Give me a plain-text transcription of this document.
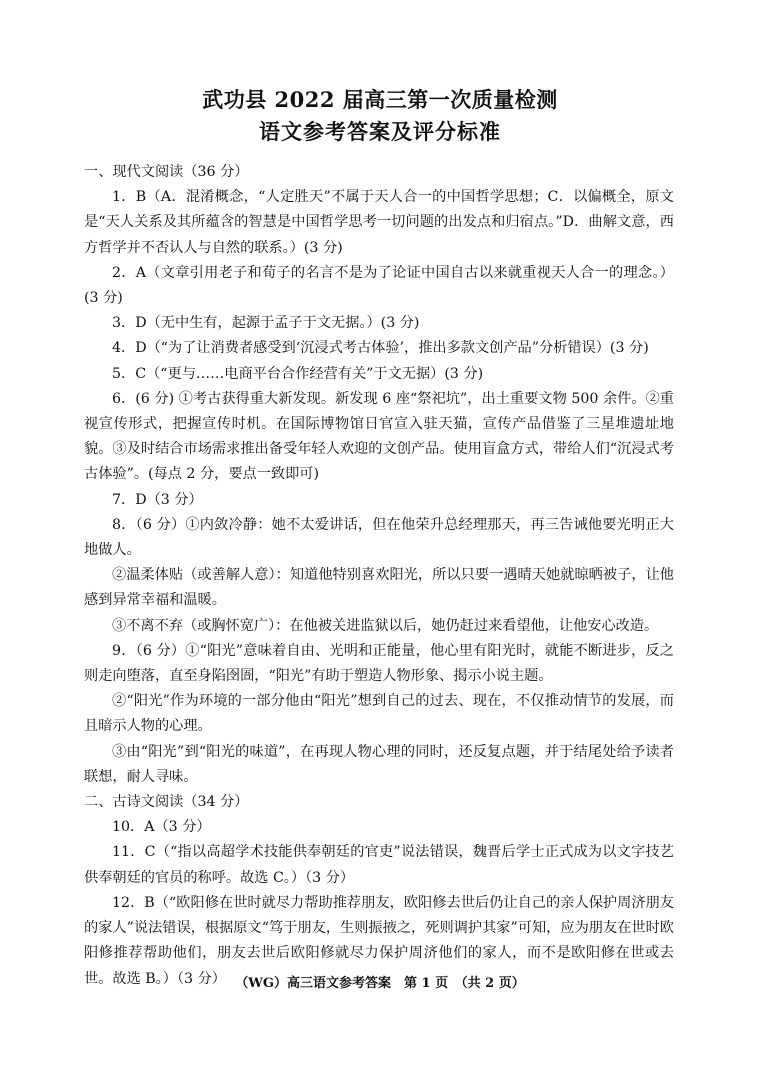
武功县 2022 届高三第一次质量检测
语文参考答案及评分标准

一、现代文阅读（36 分）

1．B（A．混淆概念，“人定胜天”不属于天人合一的中国哲学思想；C．以偏概全，原文是“天人关系及其所蕴含的智慧是中国哲学思考一切问题的出发点和归宿点。”D．曲解文意，西方哲学并不否认人与自然的联系。）(3 分)

2．A（文章引用老子和荀子的名言不是为了论证中国自古以来就重视天人合一的理念。）(3 分)

3．D（无中生有，起源于孟子于文无据。）(3 分)

4．D（“为了让消费者感受到‘沉浸式考古体验’，推出多款文创产品”分析错误）(3 分)

5．C（“更与……电商平台合作经营有关”于文无据）(3 分)

6．(6 分) ①考古获得重大新发现。新发现 6 座“祭祀坑”，出土重要文物 500 余件。②重视宣传形式，把握宣传时机。在国际博物馆日官宣入驻天猫，宣传产品借鉴了三星堆遗址地貌。③及时结合市场需求推出备受年轻人欢迎的文创产品。使用盲盒方式，带给人们“沉浸式考古体验”。(每点 2 分，要点一致即可)

7．D（3 分）

8．（6 分）①内敛冷静：她不太爱讲话，但在他荣升总经理那天，再三告诫他要光明正大地做人。

②温柔体贴（或善解人意）：知道他特别喜欢阳光，所以只要一遇晴天她就晾晒被子，让他感到异常幸福和温暖。

③不离不弃（或胸怀宽广）：在他被关进监狱以后，她仍赶过来看望他，让他安心改造。

9．（6 分）①“阳光”意味着自由、光明和正能量，他心里有阳光时，就能不断进步，反之则走向堕落，直至身陷囹圄，“阳光”有助于塑造人物形象、揭示小说主题。

②“阳光”作为环境的一部分他由“阳光”想到自己的过去、现在，不仅推动情节的发展，而且暗示人物的心理。

③由“阳光”到“阳光的味道”，在再现人物心理的同时，还反复点题，并于结尾处给予读者联想，耐人寻味。

二、古诗文阅读（34 分）

10．A（3 分）

11．C（“指以高超学术技能供奉朝廷的官吏”说法错误，魏晋后学士正式成为以文字技艺供奉朝廷的官员的称呼。故选 C。）（3 分）

12．B（“欧阳修在世时就尽力帮助推荐朋友，欧阳修去世后仍让自己的亲人保护周济朋友的家人”说法错误，根据原文“笃于朋友，生则振掖之，死则调护其家”可知，应为朋友在世时欧阳修推荐帮助他们，朋友去世后欧阳修就尽力保护周济他们的家人，而不是欧阳修在世或去世。故选 B。）（3 分） （WG）高三语文参考答案　第 1 页　（共 2 页）
